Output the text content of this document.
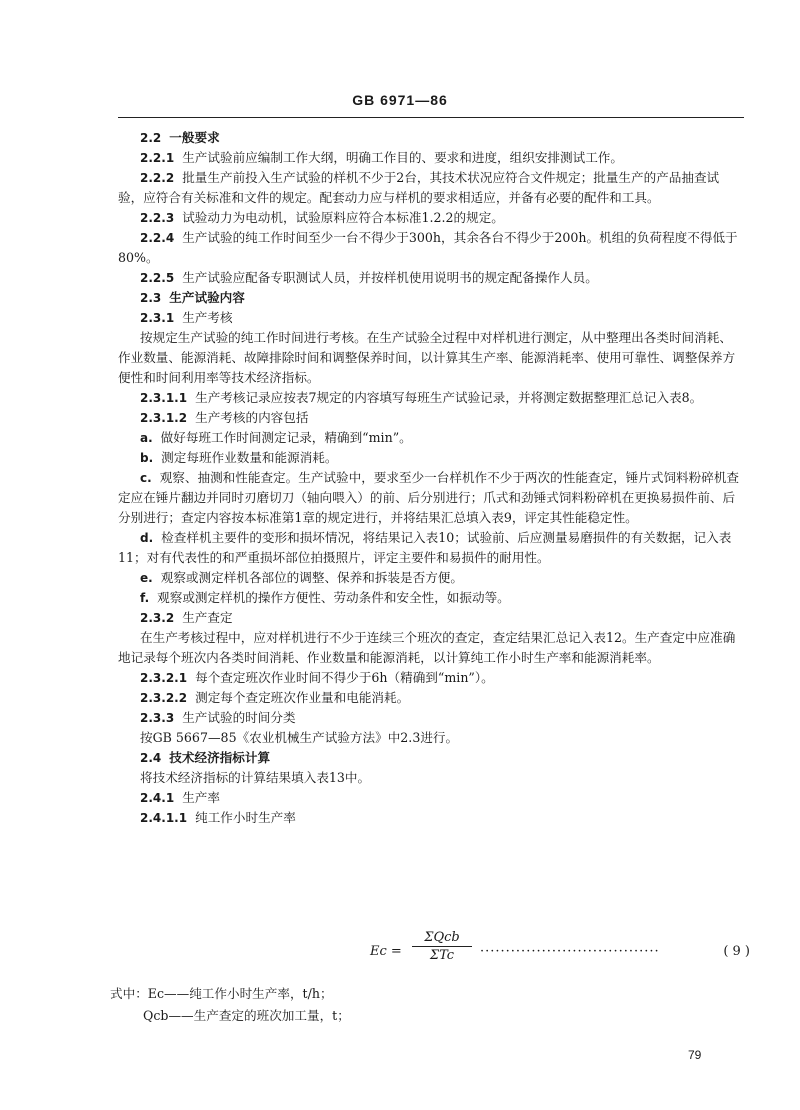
GB 6971—86

2.2 一般要求

2.2.1 生产试验前应编制工作大纲，明确工作目的、要求和进度，组织安排测试工作。

2.2.2 批量生产前投入生产试验的样机不少于2台，其技术状况应符合文件规定；批量生产的产品抽查试验，应符合有关标准和文件的规定。配套动力应与样机的要求相适应，并备有必要的配件和工具。

2.2.3 试验动力为电动机，试验原料应符合本标准1.2.2的规定。

2.2.4 生产试验的纯工作时间至少一台不得少于300h，其余各台不得少于200h。机组的负荷程度不得低于80%。

2.2.5 生产试验应配备专职测试人员，并按样机使用说明书的规定配备操作人员。

2.3 生产试验内容

2.3.1 生产考核

按规定生产试验的纯工作时间进行考核。在生产试验全过程中对样机进行测定，从中整理出各类时间消耗、作业数量、能源消耗、故障排除时间和调整保养时间，以计算其生产率、能源消耗率、使用可靠性、调整保养方便性和时间利用率等技术经济指标。

2.3.1.1 生产考核记录应按表7规定的内容填写每班生产试验记录，并将测定数据整理汇总记入表8。

2.3.1.2 生产考核的内容包括

a. 做好每班工作时间测定记录，精确到“min”。

b. 测定每班作业数量和能源消耗。

c. 观察、抽测和性能查定。生产试验中，要求至少一台样机作不少于两次的性能查定，锤片式饲料粉碎机查定应在锤片翻边并同时刃磨切刀（轴向喂入）的前、后分别进行；爪式和劲锤式饲料粉碎机在更换易损件前、后分别进行；查定内容按本标准第1章的规定进行，并将结果汇总填入表9，评定其性能稳定性。

d. 检查样机主要件的变形和损坏情况，将结果记入表10；试验前、后应测量易磨损件的有关数据，记入表11；对有代表性的和严重损坏部位拍摄照片，评定主要件和易损件的耐用性。

e. 观察或测定样机各部位的调整、保养和拆装是否方便。

f. 观察或测定样机的操作方便性、劳动条件和安全性，如振动等。

2.3.2 生产查定

在生产考核过程中，应对样机进行不少于连续三个班次的查定，查定结果汇总记入表12。生产查定中应准确地记录每个班次内各类时间消耗、作业数量和能源消耗，以计算纯工作小时生产率和能源消耗率。

2.3.2.1 每个查定班次作业时间不得少于6h（精确到“min”）。

2.3.2.2 测定每个查定班次作业量和电能消耗。

2.3.3 生产试验的时间分类

按GB 5667—85《农业机械生产试验方法》中2.3进行。

2.4 技术经济指标计算

将技术经济指标的计算结果填入表13中。

2.4.1 生产率

2.4.1.1 纯工作小时生产率

Ec =
ΣQcb
ΣTc	···································	( 9 )
式中：Ec——纯工作小时生产率，t/h；
Qcb——生产查定的班次加工量，t；
79
